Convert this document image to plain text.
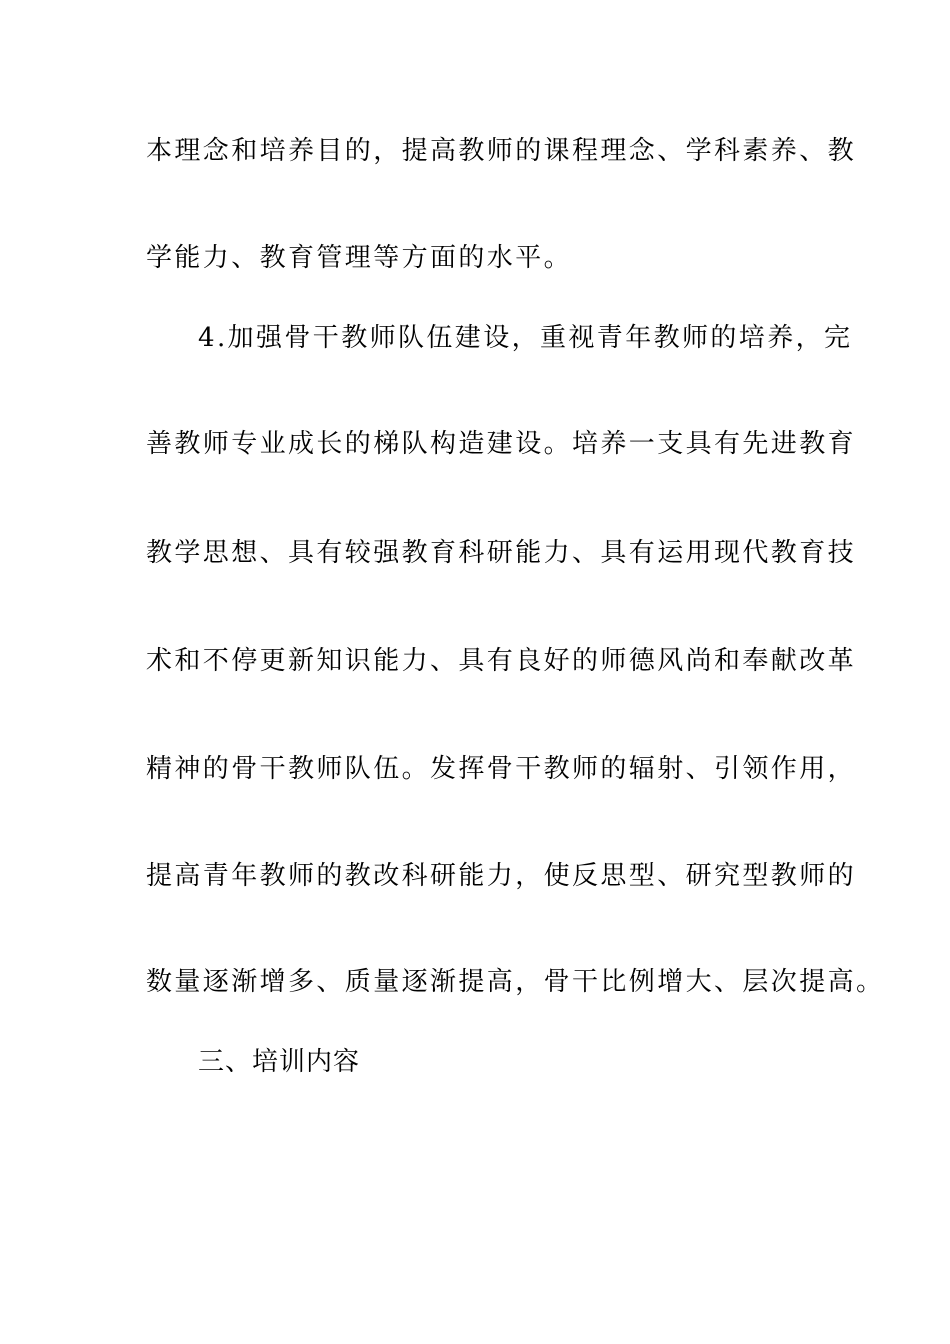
本理念和培养目的，提高教师的课程理念、学科素养、教
学能力、教育管理等方面的水平。
4.加强骨干教师队伍建设，重视青年教师的培养，完
善教师专业成长的梯队构造建设。培养一支具有先进教育
教学思想、具有较强教育科研能力、具有运用现代教育技
术和不停更新知识能力、具有良好的师德风尚和奉献改革
精神的骨干教师队伍。发挥骨干教师的辐射、引领作用，
提高青年教师的教改科研能力，使反思型、研究型教师的
数量逐渐增多、质量逐渐提高，骨干比例增大、层次提高。
三、培训内容
